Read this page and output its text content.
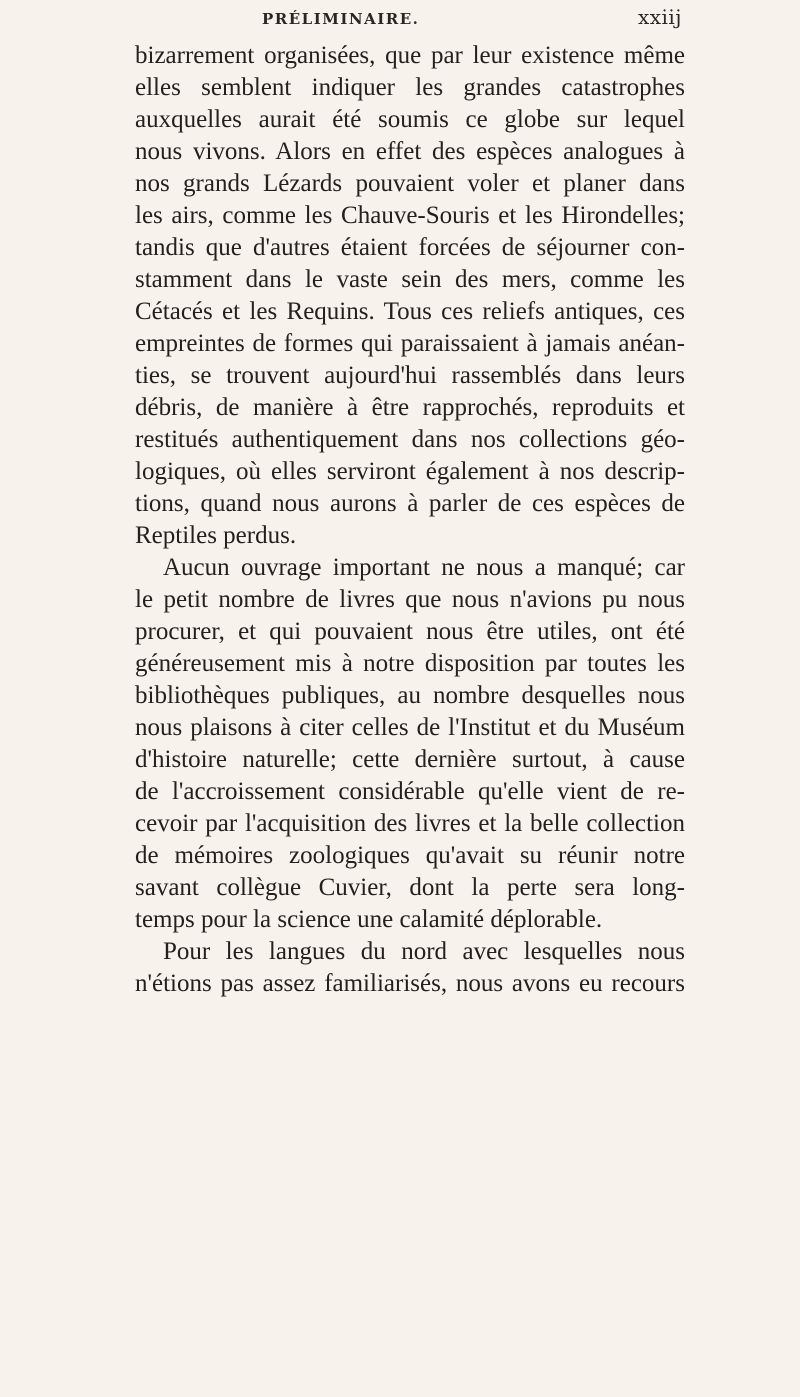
PRÉLIMINAIRE.	xxiij
bizarrement organisées, que par leur existence même
elles semblent indiquer les grandes catastrophes
auxquelles aurait été soumis ce globe sur lequel
nous vivons. Alors en effet des espèces analogues à
nos grands Lézards pouvaient voler et planer dans
les airs, comme les Chauve-Souris et les Hirondelles;
tandis que d'autres étaient forcées de séjourner con-
stamment dans le vaste sein des mers, comme les
Cétacés et les Requins. Tous ces reliefs antiques, ces
empreintes de formes qui paraissaient à jamais anéan-
ties, se trouvent aujourd'hui rassemblés dans leurs
débris, de manière à être rapprochés, reproduits et
restitués authentiquement dans nos collections géo-
logiques, où elles serviront également à nos descrip-
tions, quand nous aurons à parler de ces espèces de
Reptiles perdus.
Aucun ouvrage important ne nous a manqué; car
le petit nombre de livres que nous n'avions pu nous
procurer, et qui pouvaient nous être utiles, ont été
généreusement mis à notre disposition par toutes les
bibliothèques publiques, au nombre desquelles nous
nous plaisons à citer celles de l'Institut et du Muséum
d'histoire naturelle; cette dernière surtout, à cause
de l'accroissement considérable qu'elle vient de re-
cevoir par l'acquisition des livres et la belle collection
de mémoires zoologiques qu'avait su réunir notre
savant collègue Cuvier, dont la perte sera long-
temps pour la science une calamité déplorable.
Pour les langues du nord avec lesquelles nous
n'étions pas assez familiarisés, nous avons eu recours
